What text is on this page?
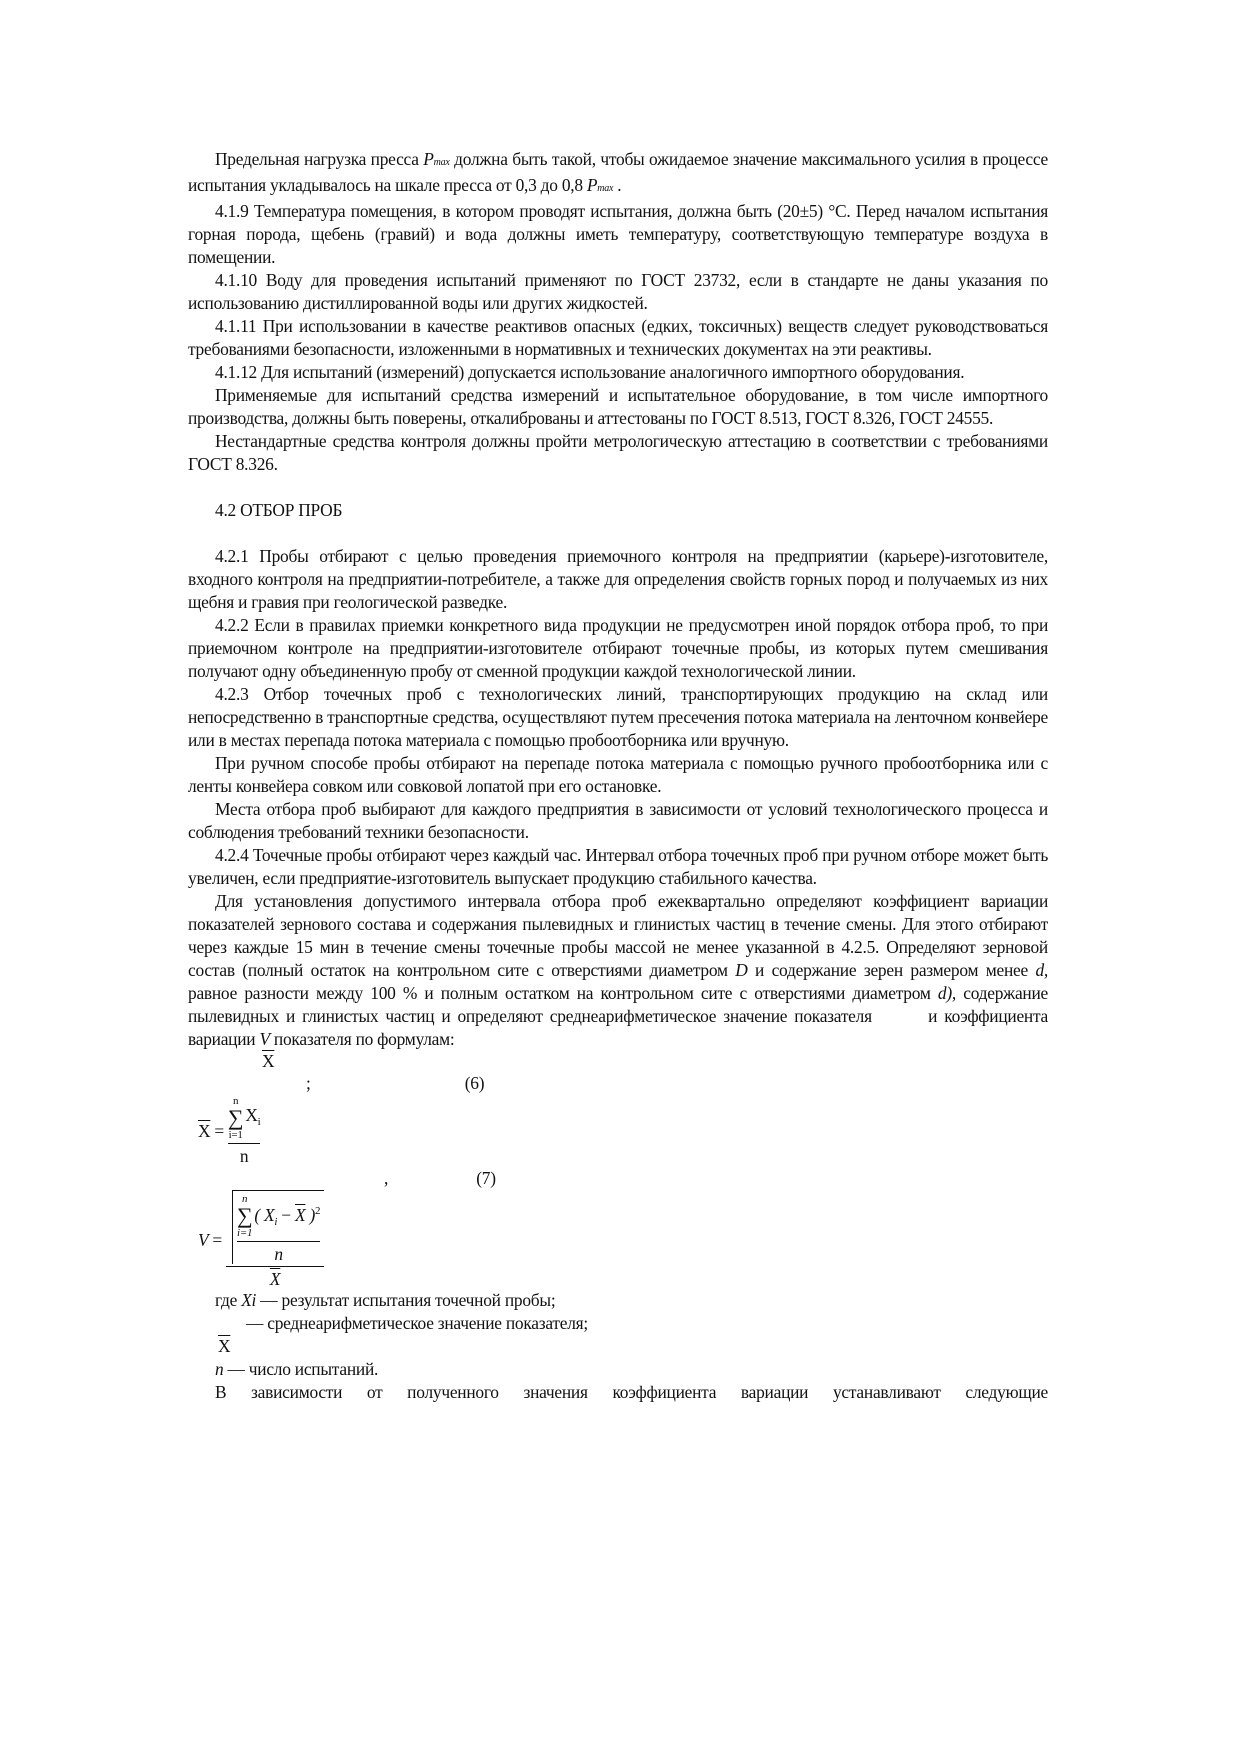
Предельная нагрузка пресса Pmax должна быть такой, чтобы ожидаемое значение максимального усилия в процессе испытания укладывалось на шкале пресса от 0,3 до 0,8 Pmax .

4.1.9 Температура помещения, в котором проводят испытания, должна быть (20±5) °С. Перед началом испытания горная порода, щебень (гравий) и вода должны иметь температуру, соответствующую температуре воздуха в помещении.

4.1.10 Воду для проведения испытаний применяют по ГОСТ 23732, если в стандарте не даны указания по использованию дистиллированной воды или других жидкостей.

4.1.11 При использовании в качестве реактивов опасных (едких, токсичных) веществ следует руководствоваться требованиями безопасности, изложенными в нормативных и технических документах на эти реактивы.

4.1.12 Для испытаний (измерений) допускается использование аналогичного импортного оборудования.

Применяемые для испытаний средства измерений и испытательное оборудование, в том числе импортного производства, должны быть поверены, откалиброваны и аттестованы по ГОСТ 8.513, ГОСТ 8.326, ГОСТ 24555.

Нестандартные средства контроля должны пройти метрологическую аттестацию в соответствии с требованиями ГОСТ 8.326.

4.2 ОТБОР ПРОБ

4.2.1 Пробы отбирают с целью проведения приемочного контроля на предприятии (карьере)-изготовителе, входного контроля на предприятии-потребителе, а также для определения свойств горных пород и получаемых из них щебня и гравия при геологической разведке.

4.2.2 Если в правилах приемки конкретного вида продукции не предусмотрен иной порядок отбора проб, то при приемочном контроле на предприятии-изготовителе отбирают точечные пробы, из которых путем смешивания получают одну объединенную пробу от сменной продукции каждой технологической линии.

4.2.3 Отбор точечных проб с технологических линий, транспортирующих продукцию на склад или непосредственно в транспортные средства, осуществляют путем пресечения потока материала на ленточном конвейере или в местах перепада потока материала с помощью пробоотборника или вручную.

При ручном способе пробы отбирают на перепаде потока материала с помощью ручного пробоотборника или с ленты конвейера совком или совковой лопатой при его остановке.

Места отбора проб выбирают для каждого предприятия в зависимости от условий технологического процесса и соблюдения требований техники безопасности.

4.2.4 Точечные пробы отбирают через каждый час. Интервал отбора точечных проб при ручном отборе может быть увеличен, если предприятие-изготовитель выпускает продукцию стабильного качества.

Для установления допустимого интервала отбора проб ежеквартально определяют коэффициент вариации показателей зернового состава и содержания пылевидных и глинистых частиц в течение смены. Для этого отбирают через каждые 15 мин в течение смены точечные пробы массой не менее указанной в 4.2.5. Определяют зерновой состав (полный остаток на контрольном сите с отверстиями диаметром D и содержание зерен размером менее d, равное разности между 100 % и полным остатком на контрольном сите с отверстиями диаметром d), содержание пылевидных и глинистых частиц и определяют среднеарифметическое значение показателя        и коэффициента вариации V показателя по формулам:

$\overline{X}$
;	(6)
$\overline{X} = n$
∑
i=1
$X_i$
n
,	(7)
V =
n
∑
i=1
( $X_i - \overline{X}$ )$^2$
n
$\overline{X}$

где Xi — результат испытания точечной пробы;

— среднеарифметическое значение показателя;

$\overline{X}$

n — число испытаний.

В зависимости от полученного значения коэффициента вариации устанавливают следующие
